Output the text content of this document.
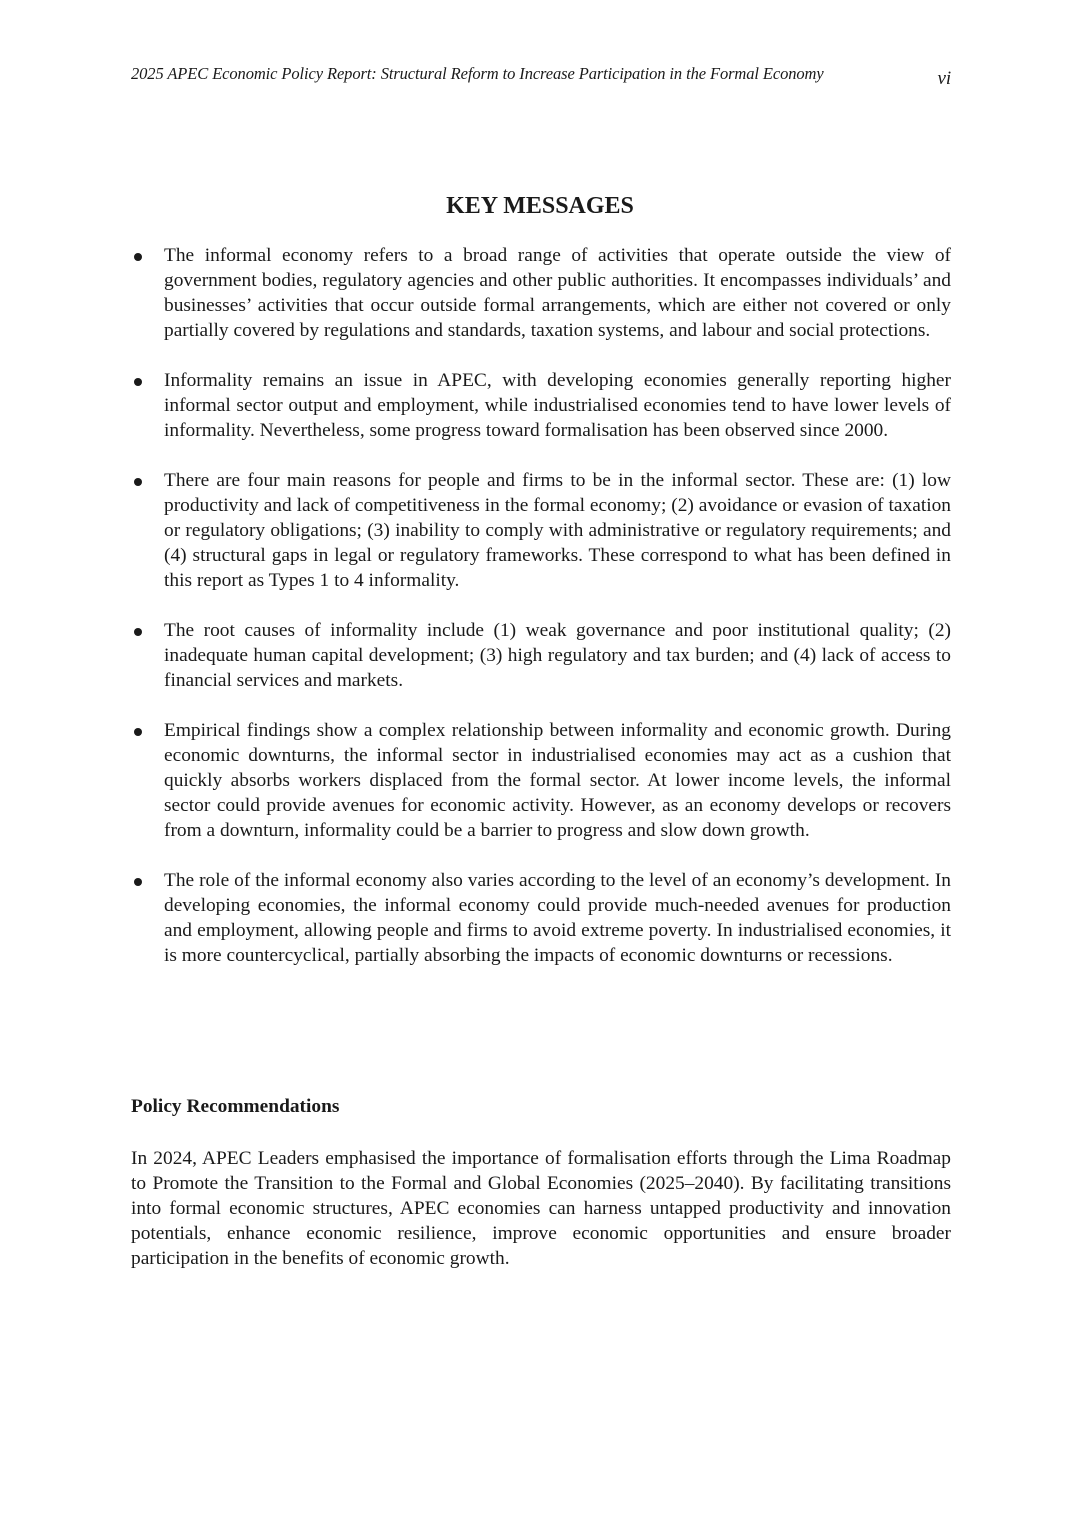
2025 APEC Economic Policy Report: Structural Reform to Increase Participation in the Formal Economy	vi
KEY MESSAGES
The informal economy refers to a broad range of activities that operate outside the view of government bodies, regulatory agencies and other public authorities. It encompasses individuals’ and businesses’ activities that occur outside formal arrangements, which are either not covered or only partially covered by regulations and standards, taxation systems, and labour and social protections.
Informality remains an issue in APEC, with developing economies generally reporting higher informal sector output and employment, while industrialised economies tend to have lower levels of informality. Nevertheless, some progress toward formalisation has been observed since 2000.
There are four main reasons for people and firms to be in the informal sector. These are: (1) low productivity and lack of competitiveness in the formal economy; (2) avoidance or evasion of taxation or regulatory obligations; (3) inability to comply with administrative or regulatory requirements; and (4) structural gaps in legal or regulatory frameworks. These correspond to what has been defined in this report as Types 1 to 4 informality.
The root causes of informality include (1) weak governance and poor institutional quality; (2) inadequate human capital development; (3) high regulatory and tax burden; and (4) lack of access to financial services and markets.
Empirical findings show a complex relationship between informality and economic growth. During economic downturns, the informal sector in industrialised economies may act as a cushion that quickly absorbs workers displaced from the formal sector. At lower income levels, the informal sector could provide avenues for economic activity. However, as an economy develops or recovers from a downturn, informality could be a barrier to progress and slow down growth.
The role of the informal economy also varies according to the level of an economy’s development. In developing economies, the informal economy could provide much-needed avenues for production and employment, allowing people and firms to avoid extreme poverty. In industrialised economies, it is more countercyclical, partially absorbing the impacts of economic downturns or recessions.
Policy Recommendations

In 2024, APEC Leaders emphasised the importance of formalisation efforts through the Lima Roadmap to Promote the Transition to the Formal and Global Economies (2025–2040). By facilitating transitions into formal economic structures, APEC economies can harness untapped productivity and innovation potentials, enhance economic resilience, improve economic opportunities and ensure broader participation in the benefits of economic growth.
